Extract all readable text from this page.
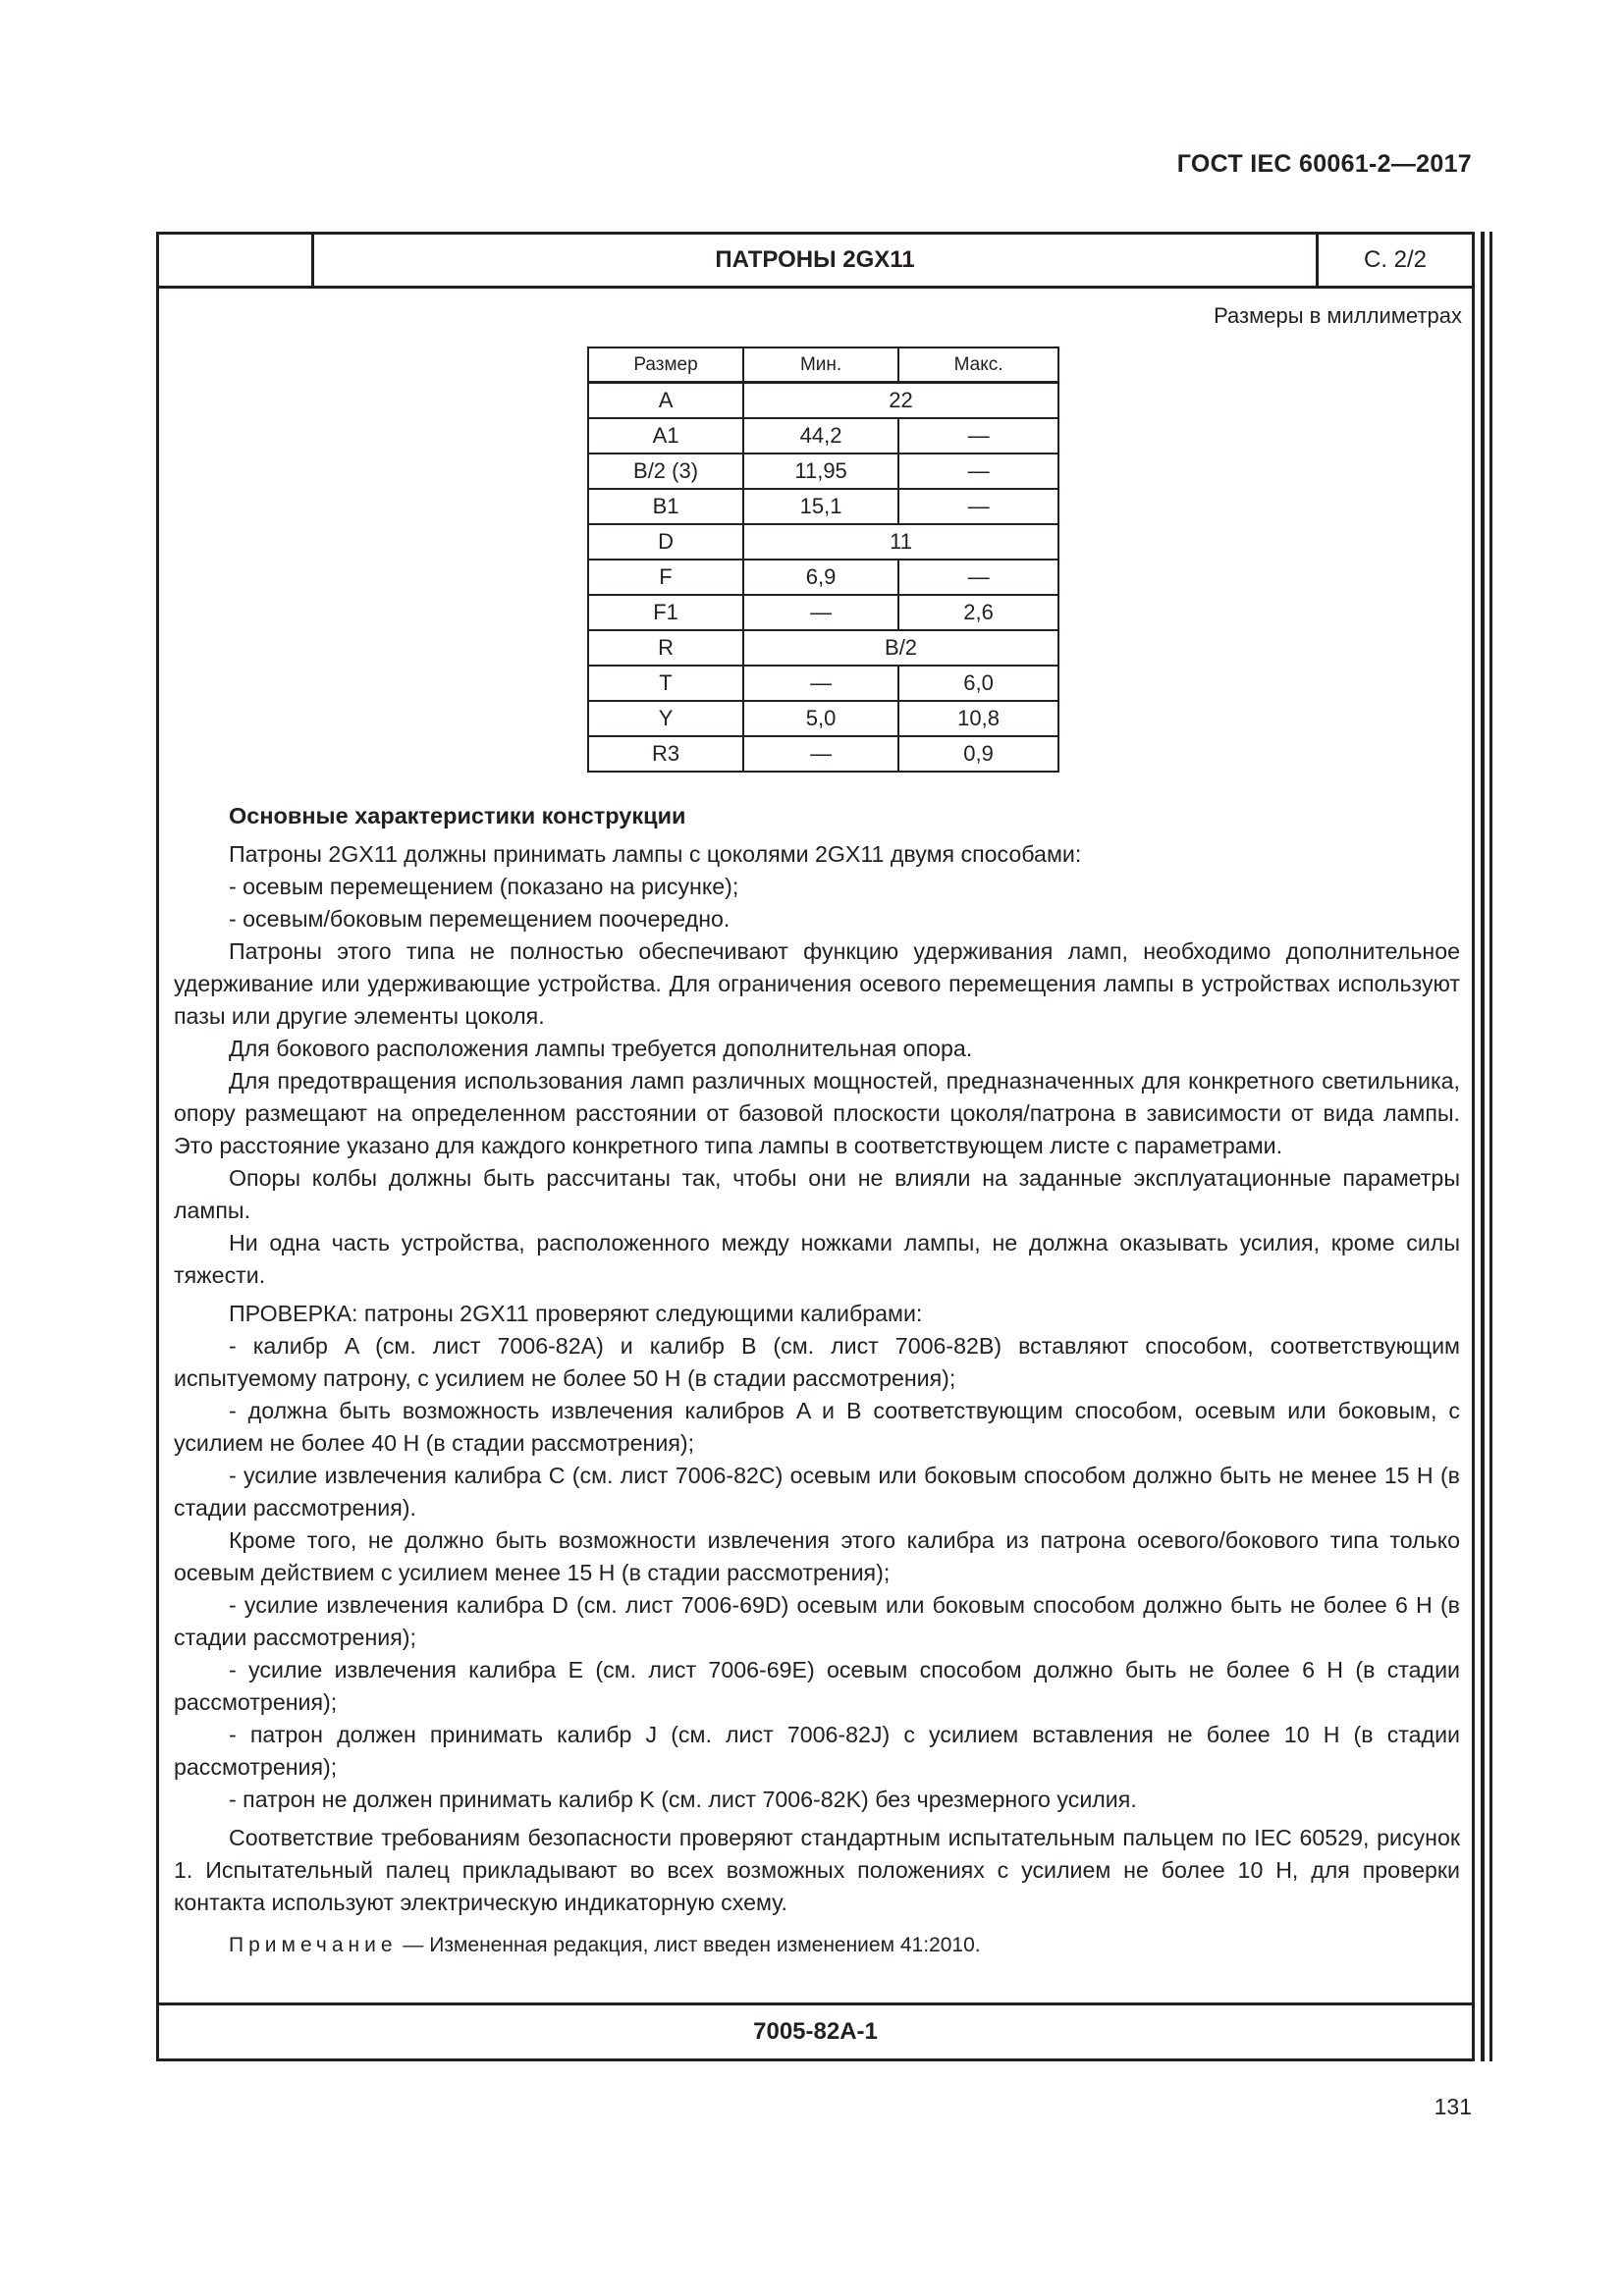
ГОСТ IEC 60061-2—2017
ПАТРОНЫ 2GX11	С. 2/2
Размеры в миллиметрах
Размер	Мин.	Макс.
A	22	
A1	44,2	—
B/2 (3)	11,95	—
B1	15,1	—
D	11	
F	6,9	—
F1	—	2,6
R	B/2	
T	—	6,0
Y	5,0	10,8
R3	—	0,9

Основные характеристики конструкции

Патроны 2GX11 должны принимать лампы с цоколями 2GX11 двумя способами:

- осевым перемещением (показано на рисунке);

- осевым/боковым перемещением поочередно.

Патроны этого типа не полностью обеспечивают функцию удерживания ламп, необходимо дополнительное удерживание или удерживающие устройства. Для ограничения осевого перемещения лампы в устройствах используют пазы или другие элементы цоколя.

Для бокового расположения лампы требуется дополнительная опора.

Для предотвращения использования ламп различных мощностей, предназначенных для конкретного светильника, опору размещают на определенном расстоянии от базовой плоскости цоколя/патрона в зависимости от вида лампы. Это расстояние указано для каждого конкретного типа лампы в соответствующем листе с параметрами.

Опоры колбы должны быть рассчитаны так, чтобы они не влияли на заданные эксплуатационные параметры лампы.

Ни одна часть устройства, расположенного между ножками лампы, не должна оказывать усилия, кроме силы тяжести.

ПРОВЕРКА: патроны 2GX11 проверяют следующими калибрами:

- калибр A (см. лист 7006-82A) и калибр B (см. лист 7006-82B) вставляют способом, соответствующим испытуемому патрону, с усилием не более 50 Н (в стадии рассмотрения);

- должна быть возможность извлечения калибров A и B соответствующим способом, осевым или боковым, с усилием не более 40 Н (в стадии рассмотрения);

- усилие извлечения калибра C (см. лист 7006-82C) осевым или боковым способом должно быть не менее 15 Н (в стадии рассмотрения).

Кроме того, не должно быть возможности извлечения этого калибра из патрона осевого/бокового типа только осевым действием с усилием менее 15 Н (в стадии рассмотрения);

- усилие извлечения калибра D (см. лист 7006-69D) осевым или боковым способом должно быть не более 6 Н (в стадии рассмотрения);

- усилие извлечения калибра E (см. лист 7006-69E) осевым способом должно быть не более 6 Н (в стадии рассмотрения);

- патрон должен принимать калибр J (см. лист 7006-82J) с усилием вставления не более 10 Н (в стадии рассмотрения);

- патрон не должен принимать калибр K (см. лист 7006-82K) без чрезмерного усилия.

Соответствие требованиям безопасности проверяют стандартным испытательным пальцем по IEC 60529, рисунок 1. Испытательный палец прикладывают во всех возможных положениях с усилием не более 10 Н, для проверки контакта используют электрическую индикаторную схему.

Примечание — Измененная редакция, лист введен изменением 41:2010.

7005-82A-1
131
